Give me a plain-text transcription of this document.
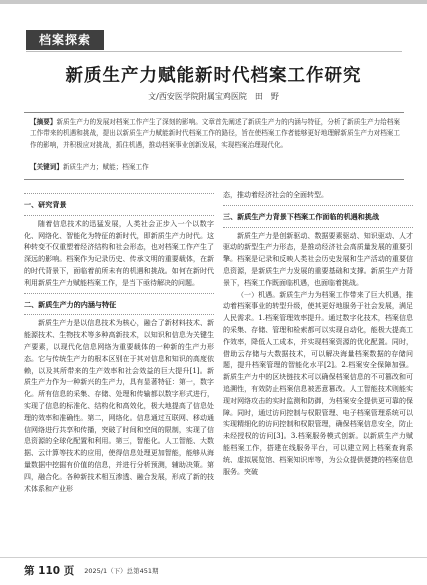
档案探索
新质生产力赋能新时代档案工作研究
文/西安医学院附属宝鸡医院　田　野
【摘要】新质生产力的发展对档案工作产生了深刻的影响。文章首先阐述了新质生产力的内涵与特征，分析了新质生产力给档案工作带来的机遇和挑战，提出以新质生产力赋能新时代档案工作的路径，旨在使档案工作者能够更好地理解新质生产力对档案工作的影响，并积极应对挑战，抓住机遇，推动档案事业创新发展，实现档案治理现代化。
【关键词】新质生产力；赋能；档案工作

一、研究背景

随着信息技术的迅猛发展，人类社会正步入一个以数字化、网络化、智能化为特征的新时代，即新质生产力时代。这种转变不仅重塑着经济结构和社会形态，也对档案工作产生了深远的影响。档案作为记录历史、传承文明的重要载体，在新的时代背景下，面临着前所未有的机遇和挑战。如何在新时代利用新质生产力赋能档案工作，是当下亟待解决的问题。

二、新质生产力的内涵与特征

新质生产力是以信息技术为核心，融合了新材料技术、新能源技术、生物技术等多种高新技术，以知识和信息为关键生产要素，以现代化信息网络为重要载体的一种新的生产力形态。它与传统生产力的根本区别在于其对信息和知识的高度依赖，以及其所带来的生产效率和社会效益的巨大提升[1]。新质生产力作为一种新兴的生产力，具有显著特征：第一，数字化。所有信息的采集、存储、处理和传输都以数字形式进行，实现了信息的标准化、结构化和高效化，极大地提高了信息处理的效率和准确性。第二，网络化。信息通过互联网、移动通信网络进行共享和传播，突破了时间和空间的限制，实现了信息资源的全球化配置和利用。第三，智能化。人工智能、大数据、云计算等技术的应用，使得信息处理更加智能，能够从海量数据中挖掘有价值的信息，并进行分析预测，辅助决策。第四，融合化。各种新技术相互渗透、融合发展，形成了新的技术体系和产业形

态，推动着经济社会的全面转型。

三、新质生产力背景下档案工作面临的机遇和挑战

新质生产力是创新驱动、数据要素驱动、知识驱动、人才驱动的新型生产力形态，是推动经济社会高质量发展的重要引擎。档案是记录和反映人类社会历史发展和生产活动的重要信息资源，是新质生产力发展的重要基础和支撑。新质生产力背景下，档案工作既面临机遇，也面临着挑战。

（一）机遇。新质生产力为档案工作带来了巨大机遇，推动着档案事业的转型升级，使其更好地服务于社会发展，满足人民需求。1.档案管理效率提升。通过数字化技术，档案信息的采集、存储、管理和检索都可以实现自动化，能极大提高工作效率，降低人工成本，并实现档案资源的优化配置。同时，借助云存储与大数据技术，可以解决海量档案数据的存储问题，提升档案管理的智能化水平[2]。2.档案安全保障加强。新质生产力中的区块链技术可以确保档案信息的不可篡改和可追溯性，有效防止档案信息被恶意篡改。人工智能技术则能实现对网络攻击的实时监测和防御，为档案安全提供更可靠的保障。同时，通过访问控制与权限管理、电子档案管理系统可以实现精细化的访问控制和权限管理，确保档案信息安全，防止未经授权的访问[3]。3.档案服务模式创新。以新质生产力赋能档案工作，搭建在线服务平台，可以建立网上档案查询系统、虚拟展览馆、档案知识库等，为公众提供便捷的档案信息服务。突破

第 110 页 2025/1（下）总第451期
